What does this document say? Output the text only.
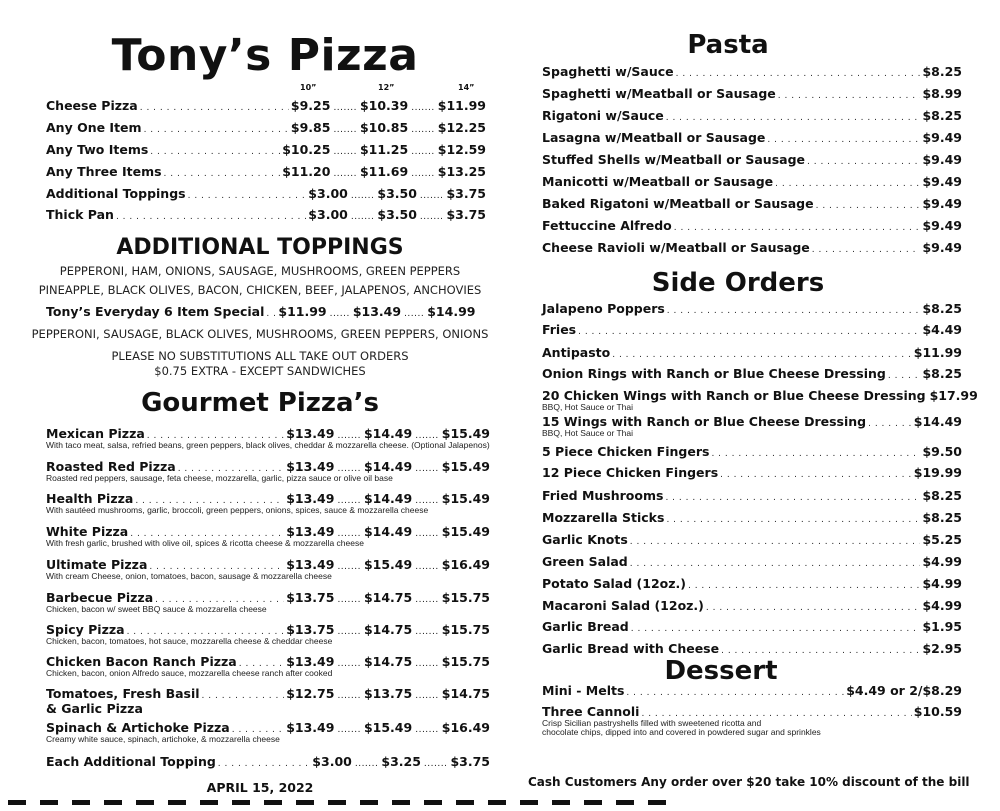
Tony’s Pizza
10”	12”	14”
Cheese Pizza . . .	$9.25 ....... $10.39 ....... $11.99
Any One Item . . .	$9.85 ....... $10.85 ....... $12.25
Any Two Items . . .	$10.25 ....... $11.25 ....... $12.59
Any Three Items . . .	$11.20 ....... $11.69 ....... $13.25
Additional Toppings . . .	$3.00 ....... $3.50 ....... $3.75
Thick Pan . . .	$3.00 ....... $3.50 ....... $3.75
ADDITIONAL TOPPINGS
PEPPERONI, HAM, ONIONS, SAUSAGE, MUSHROOMS, GREEN PEPPERS
PINEAPPLE, BLACK OLIVES, BACON, CHICKEN, BEEF, JALAPENOS, ANCHOVIES
Tony’s Everyday 6 Item Special . . . $11.99 ...... $13.49 ...... $14.99
PEPPERONI, SAUSAGE, BLACK OLIVES, MUSHROOMS, GREEN PEPPERS, ONIONS
PLEASE NO SUBSTITUTIONS ALL TAKE OUT ORDERS
$0.75 EXTRA - EXCEPT SANDWICHES
Gourmet Pizza’s
Mexican Pizza . . .	$13.49 ....... $14.49 ....... $15.49
With taco meat, salsa, refried beans, green peppers, black olives, cheddar & mozzarella cheese. (Optional Jalapenos)
Roasted Red Pizza . . .	$13.49 ....... $14.49 ....... $15.49
Roasted red peppers, sausage, feta cheese, mozzarella, garlic, pizza sauce or olive oil base
Health Pizza . . .	$13.49 ....... $14.49 ....... $15.49
With sautéed mushrooms, garlic, broccoli, green peppers, onions, spices, sauce & mozzarella cheese
White Pizza . . .	$13.49 ....... $14.49 ....... $15.49
With fresh garlic, brushed with olive oil, spices & ricotta cheese & mozzarella cheese
Ultimate Pizza . . .	$13.49 ....... $15.49 ....... $16.49
With cream Cheese, onion, tomatoes, bacon, sausage & mozzarella cheese
Barbecue Pizza . . .	$13.75 ....... $14.75 ....... $15.75
Chicken, bacon w/ sweet BBQ sauce & mozzarella cheese
Spicy Pizza . . .	$13.75 ....... $14.75 ....... $15.75
Chicken, bacon, tomatoes, hot sauce, mozzarella cheese & cheddar cheese
Chicken Bacon Ranch Pizza . . .	$13.49 ....... $14.75 ....... $15.75
Chicken, bacon, onion Alfredo sauce, mozzarella cheese ranch after cooked
Tomatoes, Fresh Basil . . .	$12.75 ....... $13.75 ....... $14.75
& Garlic Pizza
Spinach & Artichoke Pizza . . .	$13.49 ....... $15.49 ....... $16.49
Creamy white sauce, spinach, artichoke, & mozzarella cheese
Each Additional Topping . . .	$3.00 ....... $3.25 ....... $3.75
APRIL 15, 2022
Pasta
Spaghetti w/Sauce . . .	$8.25
Spaghetti w/Meatball or Sausage . . .	$8.99
Rigatoni w/Sauce . . .	$8.25
Lasagna w/Meatball or Sausage . . .	$9.49
Stuffed Shells w/Meatball or Sausage . . .	$9.49
Manicotti w/Meatball or Sausage . . .	$9.49
Baked Rigatoni w/Meatball or Sausage . . .	$9.49
Fettuccine Alfredo . . .	$9.49
Cheese Ravioli w/Meatball or Sausage . . .	$9.49
Side Orders
Jalapeno Poppers . . .	$8.25
Fries . . .	$4.49
Antipasto . . .	$11.99
Onion Rings with Ranch or Blue Cheese Dressing . . .	$8.25
20 Chicken Wings with Ranch or Blue Cheese Dressing $17.99
BBQ, Hot Sauce or Thai
15 Wings with Ranch or Blue Cheese Dressing . . .	$14.49
BBQ, Hot Sauce or Thai
5 Piece Chicken Fingers . . .	$9.50
12 Piece Chicken Fingers . . .	$19.99
Fried Mushrooms . . .	$8.25
Mozzarella Sticks . . .	$8.25
Garlic Knots . . .	$5.25
Green Salad . . .	$4.99
Potato Salad (12oz.) . . .	$4.99
Macaroni Salad (12oz.) . . .	$4.99
Garlic Bread . . .	$1.95
Garlic Bread with Cheese . . .	$2.95
Dessert
Mini - Melts . . .	$4.49 or 2/$8.29
Three Cannoli . . .	$10.59
Crisp Sicilian pastryshells filled with sweetened ricotta and
chocolate chips, dipped into and covered in powdered sugar and sprinkles
Cash Customers Any order over $20 take 10% discount of the bill
